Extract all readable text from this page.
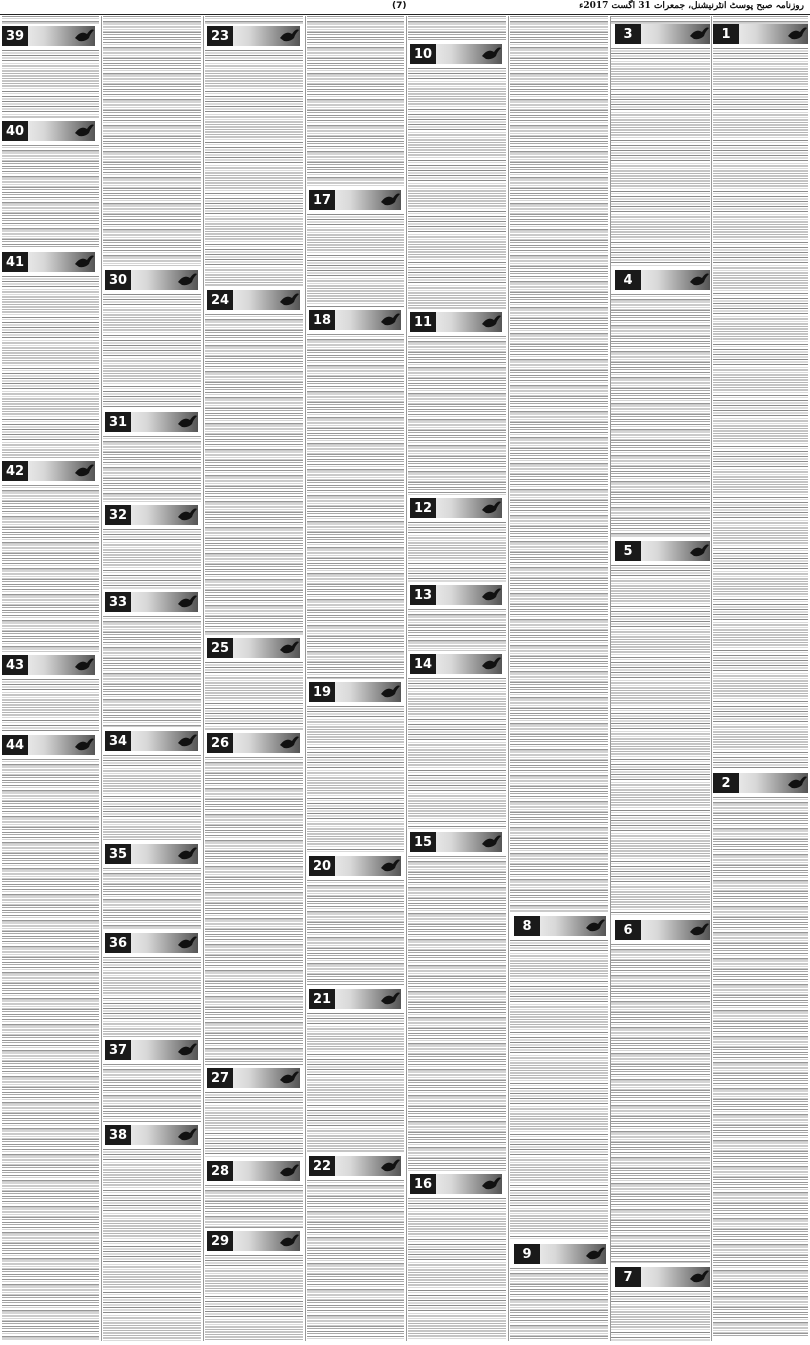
(7)	روزنامہ صبح پوسٹ انٹرنیشنل، جمعرات 31 اگست 2017ء
1
2
3
4
5
6
7
8
9
10
11
12
13
14
15
16
17
18
19
20
21
22
23
24
25
26
27
28
29
30
31
32
33
34
35
36
37
38
39
40
41
42
43
44
